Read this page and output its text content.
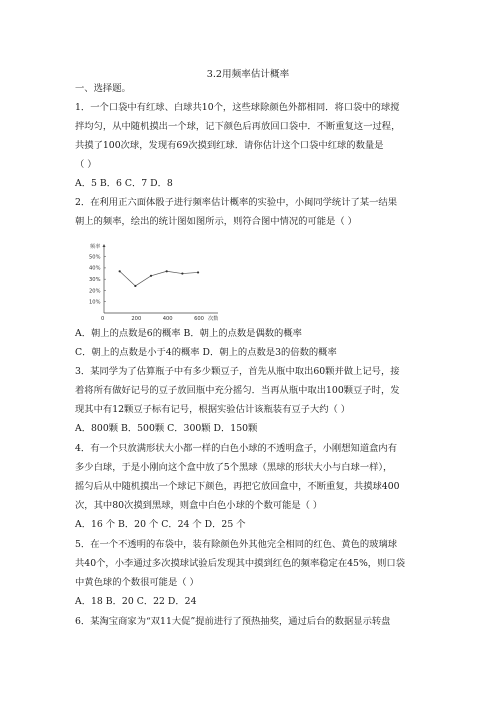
3.2用频率估计概率
一、选择题。
1．一个口袋中有红球、白球共10个，这些球除颜色外都相同．将口袋中的球搅
拌均匀，从中随机摸出一个球，记下颜色后再放回口袋中．不断重复这一过程，
共摸了100次球，发现有69次摸到红球．请你估计这个口袋中红球的数量是
（ ）
A．5 B．6 C．7 D．8
2．在利用正六面体骰子进行频率估计概率的实验中，小闽同学统计了某一结果
朝上的频率，绘出的统计图如图所示，则符合图中情况的可能是（ ）
频率
50%
40%
30%
20%
10%
0	200	400	600 次数
A．朝上的点数是6的概率 B．朝上的点数是偶数的概率
C．朝上的点数是小于4的概率 D．朝上的点数是3的倍数的概率
3．某同学为了估算瓶子中有多少颗豆子，首先从瓶中取出60颗并做上记号，接
着将所有做好记号的豆子放回瓶中充分摇匀．当再从瓶中取出100颗豆子时，发
现其中有12颗豆子标有记号，根据实验估计该瓶装有豆子大约（ ）
A．800颗 B．500颗 C．300颗 D．150颗
4．有一个只放满形状大小都一样的白色小球的不透明盒子，小刚想知道盒内有
多少白球，于是小刚向这个盒中放了5个黑球（黑球的形状大小与白球一样），
摇匀后从中随机摸出一个球记下颜色，再把它放回盒中，不断重复，共摸球400
次，其中80次摸到黑球，则盒中白色小球的个数可能是（ ）
A．16 个 B．20 个 C．24 个 D．25 个
5．在一个不透明的布袋中，装有除颜色外其他完全相同的红色、黄色的玻璃球
共40个，小李通过多次摸球试验后发现其中摸到红色的频率稳定在45%，则口袋
中黄色球的个数很可能是（ ）
A．18 B．20 C．22 D．24
6．某淘宝商家为“双11大促”提前进行了预热抽奖，通过后台的数据显示转盘
